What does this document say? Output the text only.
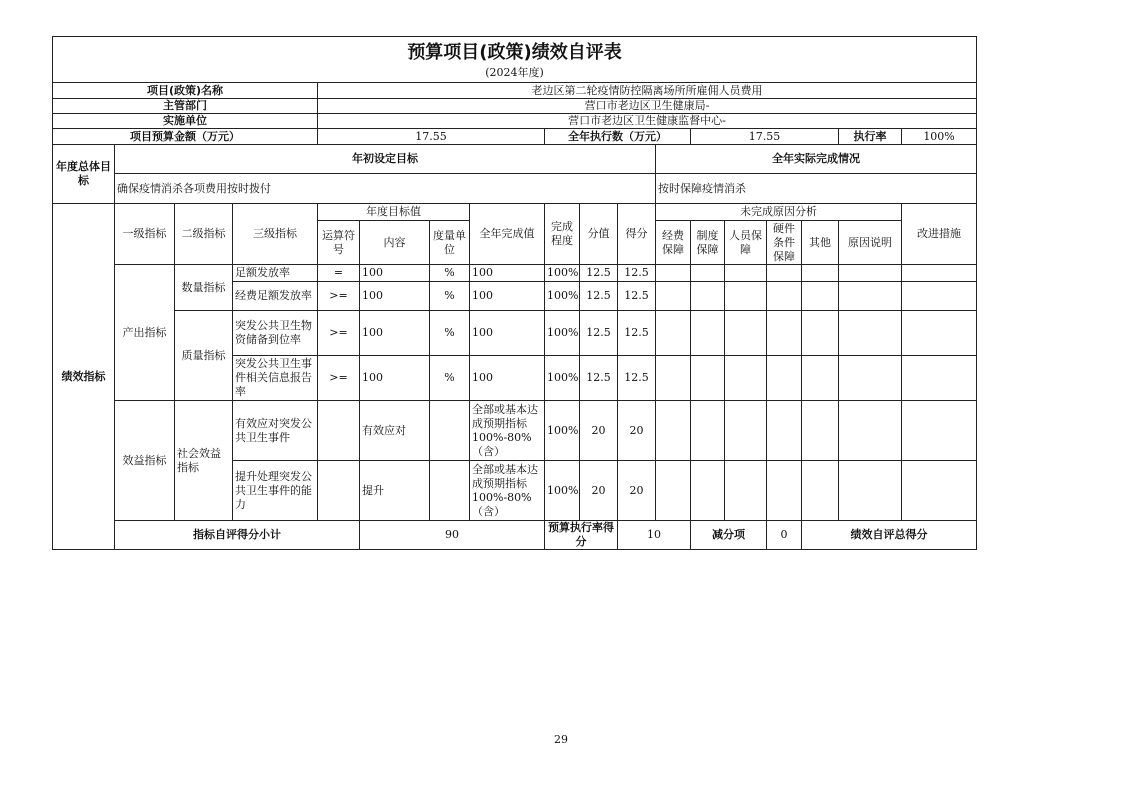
预算项目(政策)绩效自评表																		
(2024年度)																		
项目(政策)名称				老边区第二轮疫情防控隔离场所所雇佣人员费用														
主管部门				营口市老边区卫生健康局-														
实施单位				营口市老边区卫生健康监督中心-														
项目预算金额（万元）				17.55				全年执行数（万元）				17.55				执行率	100%	
年度总体目标	年初设定目标										全年实际完成情况							
	确保疫情消杀各项费用按时拨付										按时保障疫情消杀							
绩效指标	一级指标	二级指标	三级指标	年度目标值			全年完成值	完成程度	分值	得分	未完成原因分析						改进措施	
				运算符号	内容	度量单位					经费保障	制度保障	人员保障	硬件条件保障	其他	原因说明		
	产出指标	数量指标	足额发放率	=	100	%	100	100%	12.5	12.5								
			经费足额发放率	>=	100	%	100	100%	12.5	12.5								
		质量指标	突发公共卫生物资储备到位率	>=	100	%	100	100%	12.5	12.5								
			突发公共卫生事件相关信息报告率	>=	100	%	100	100%	12.5	12.5								
	效益指标	社会效益指标	有效应对突发公共卫生事件		有效应对		全部或基本达成预期指标100%-80%（含）	100%	20	20								
			提升处理突发公共卫生事件的能力		提升		全部或基本达成预期指标100%-80%（含）	100%	20	20								
	指标自评得分小计				90			预算执行率得分		10		减分项		0	绩效自评总得分	
29
